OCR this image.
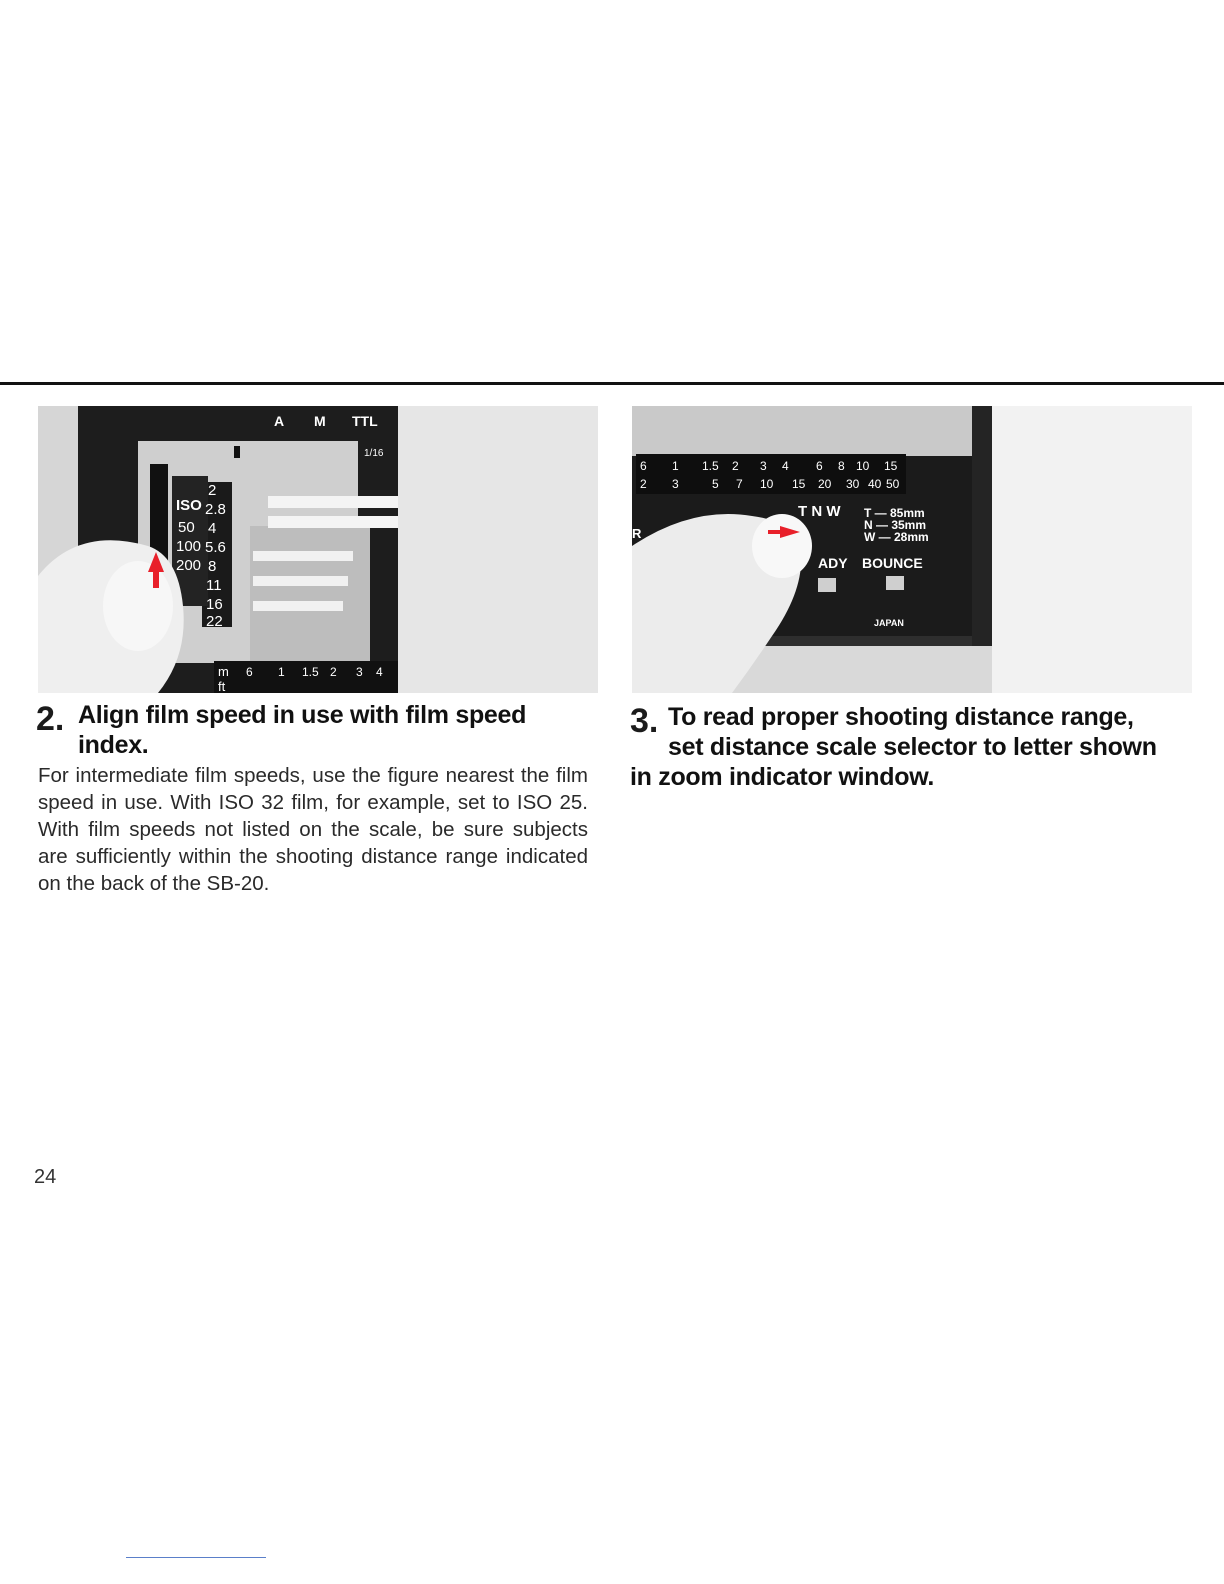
A M TTL
1/16
ISO
50
100
200
2
2.8
4
5.6
8
11
16
22
m
ft
6 1 1.5 2 3 4
6 1 1.5 2 3 4 6 8 10 15
2 3	5 7 10 15 20 30 40 50
R
T N W T — 85mm
N — 35mm
W — 28mm
ADY BOUNCE
JAPAN
2. Align film speed in use with film speed
index.
For intermediate film speeds, use the figure nearest the film speed in use. With ISO 32 film, for example, set to ISO 25. With film speeds not listed on the scale, be sure subjects are sufficiently within the shooting distance range indicated on the back of the SB-20.
3. To read proper shooting distance range,
set distance scale selector to letter shown
in zoom indicator window.
24
